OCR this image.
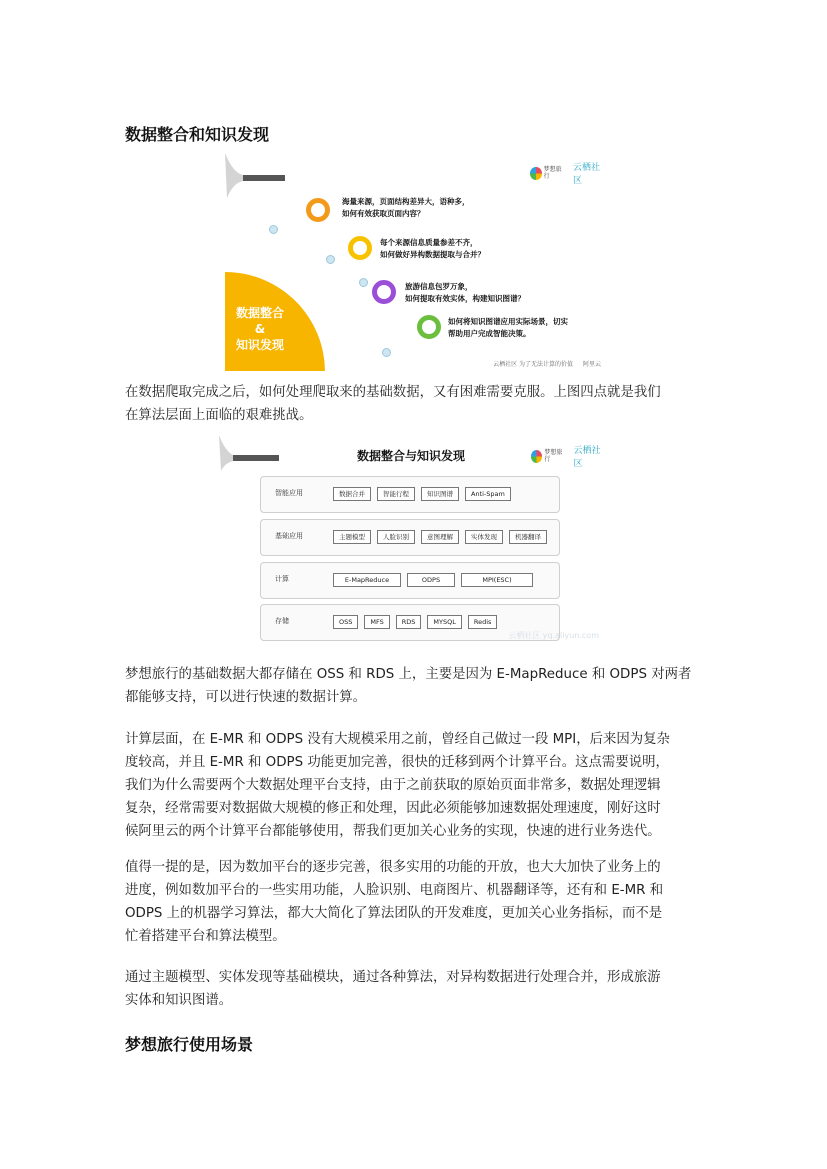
数据整合和知识发现
梦想旅行
云栖社区
海量来源，页面结构差异大，语种多，
如何有效获取页面内容？
每个来源信息质量参差不齐，
如何做好异构数据提取与合并？
旅游信息包罗万象，
如何提取有效实体，构建知识图谱？
如何将知识图谱应用实际场景，切实
帮助用户完成智能决策。
数据整合
&
知识发现
云栖社区 为了无法计算的价值 阿里云
在数据爬取完成之后，如何处理爬取来的基础数据，又有困难需要克服。上图四点就是我们
在算法层面上面临的艰难挑战。
数据整合与知识发现	梦想旅行
云栖社区
智能应用	数据合并	智能行程	知识图谱	Anti-Spam
基础应用	主题模型	人脸识别	意图理解	实体发现	机器翻译
计算	E-MapReduce	ODPS	MPI(ESC)
存储	OSS	MFS	RDS	MYSQL	Redis
云栖社区 yq.aliyun.com
梦想旅行的基础数据大都存储在 OSS 和 RDS 上，主要是因为 E-MapReduce 和 ODPS 对两者
都能够支持，可以进行快速的数据计算。
计算层面，在 E-MR 和 ODPS 没有大规模采用之前，曾经自己做过一段 MPI，后来因为复杂
度较高，并且 E-MR 和 ODPS 功能更加完善，很快的迁移到两个计算平台。这点需要说明，
我们为什么需要两个大数据处理平台支持，由于之前获取的原始页面非常多，数据处理逻辑
复杂，经常需要对数据做大规模的修正和处理，因此必须能够加速数据处理速度，刚好这时
候阿里云的两个计算平台都能够使用，帮我们更加关心业务的实现，快速的进行业务迭代。
值得一提的是，因为数加平台的逐步完善，很多实用的功能的开放，也大大加快了业务上的
进度，例如数加平台的一些实用功能，人脸识别、电商图片、机器翻译等，还有和 E-MR 和
ODPS 上的机器学习算法，都大大简化了算法团队的开发难度，更加关心业务指标，而不是
忙着搭建平台和算法模型。
通过主题模型、实体发现等基础模块，通过各种算法，对异构数据进行处理合并，形成旅游
实体和知识图谱。
梦想旅行使用场景
